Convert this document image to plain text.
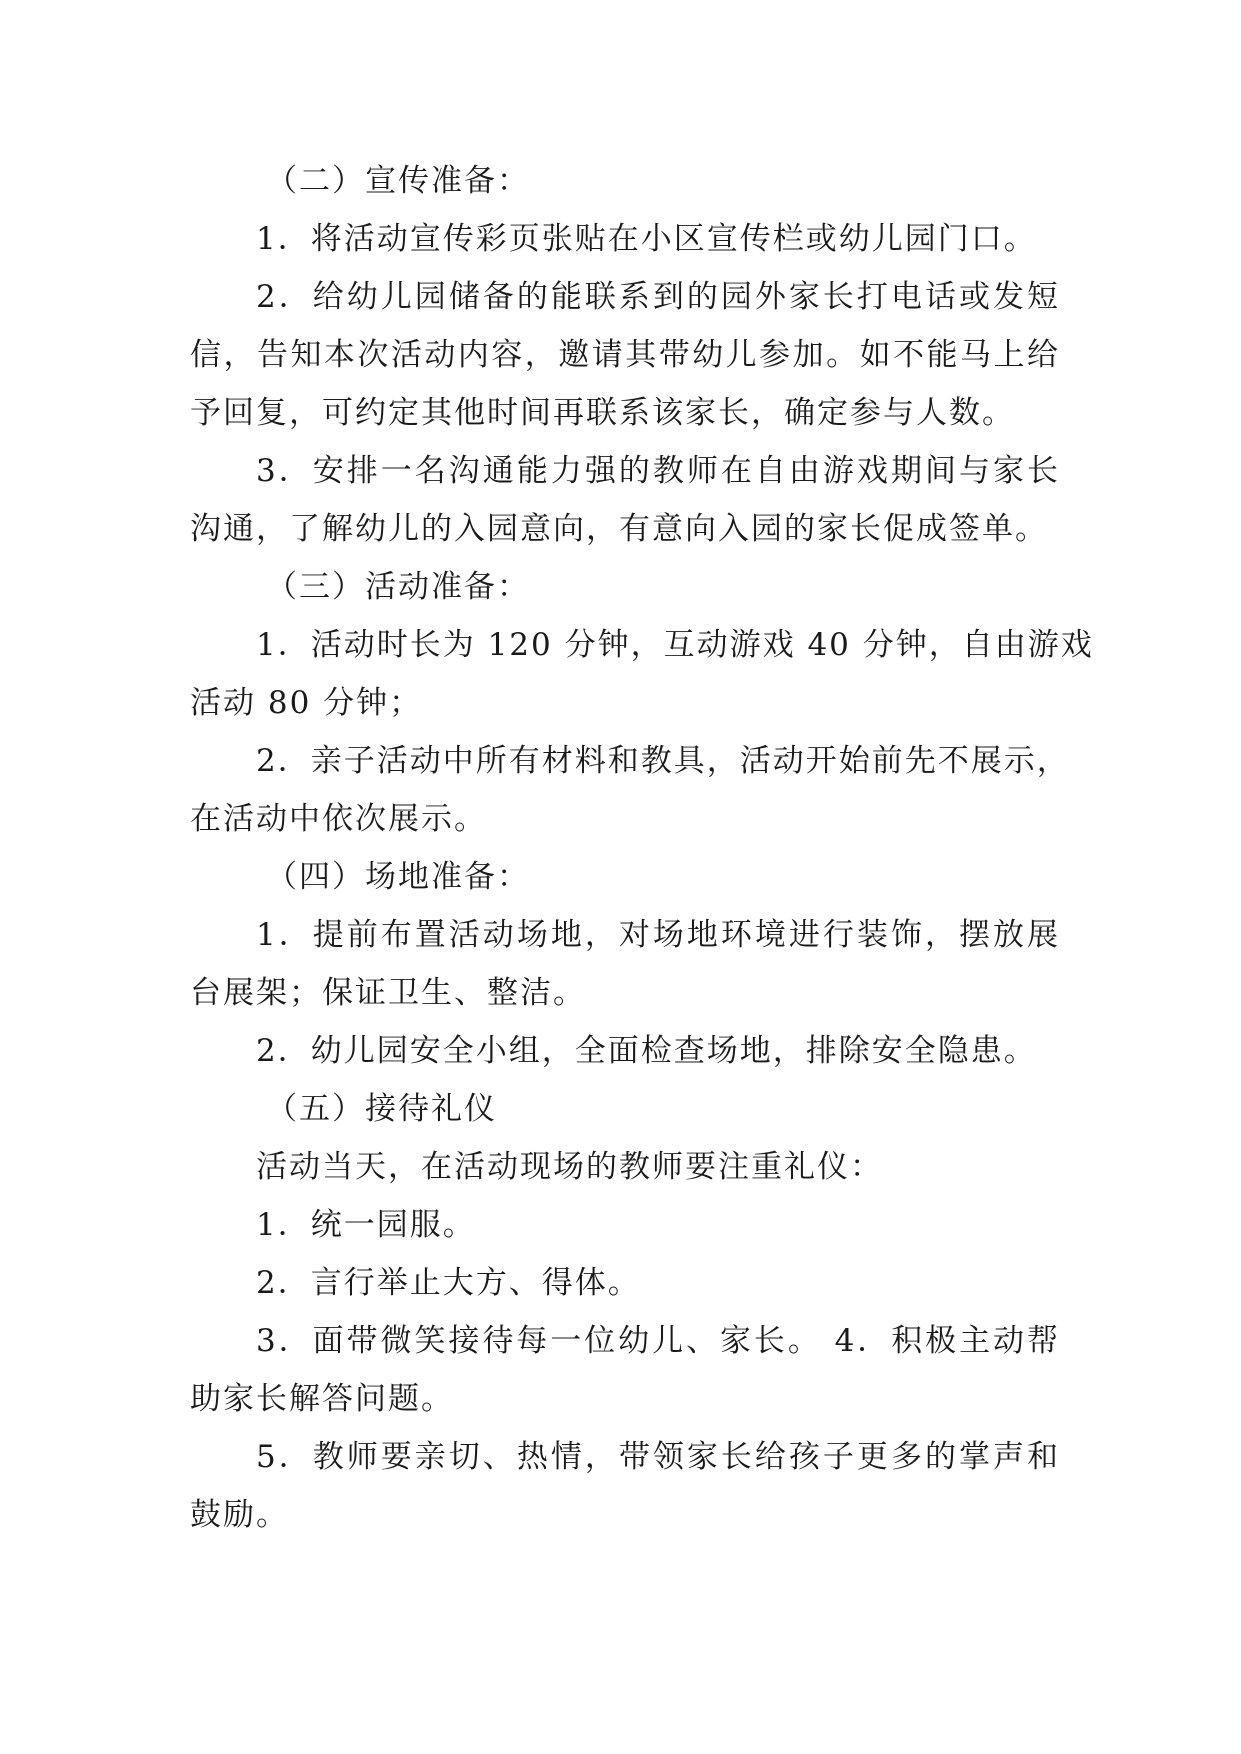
（二）宣传准备：
1．将活动宣传彩页张贴在小区宣传栏或幼儿园门口。
2．给幼儿园储备的能联系到的园外家长打电话或发短
信，告知本次活动内容，邀请其带幼儿参加。如不能马上给
予回复，可约定其他时间再联系该家长，确定参与人数。
3．安排一名沟通能力强的教师在自由游戏期间与家长
沟通，了解幼儿的入园意向，有意向入园的家长促成签单。
（三）活动准备：
1．活动时长为 120 分钟，互动游戏 40 分钟，自由游戏
活动 80 分钟；
2．亲子活动中所有材料和教具，活动开始前先不展示，
在活动中依次展示。
（四）场地准备：
1．提前布置活动场地，对场地环境进行装饰，摆放展
台展架；保证卫生、整洁。
2．幼儿园安全小组，全面检查场地，排除安全隐患。
（五）接待礼仪
活动当天，在活动现场的教师要注重礼仪：
1．统一园服。
2．言行举止大方、得体。
3．面带微笑接待每一位幼儿、家长。 4．积极主动帮
助家长解答问题。
5．教师要亲切、热情，带领家长给孩子更多的掌声和
鼓励。
